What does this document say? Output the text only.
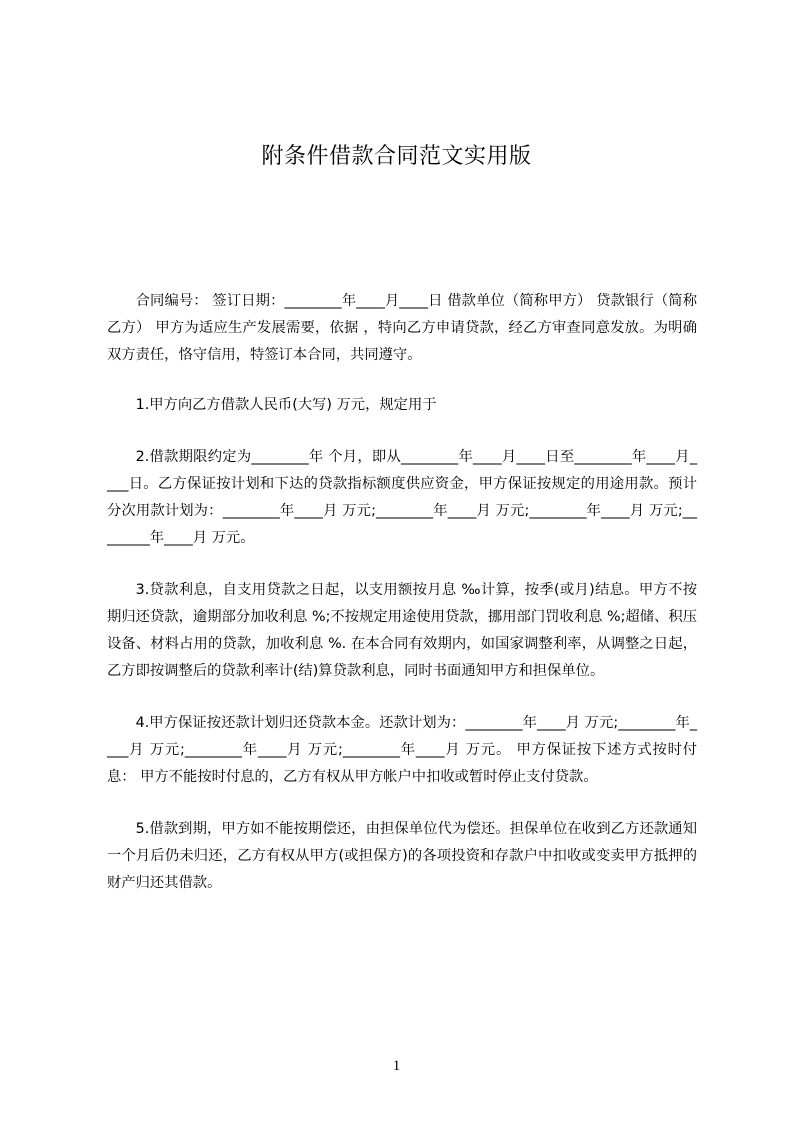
附条件借款合同范文实用版

合同编号： 签订日期：________年____月____日 借款单位（简称甲方） 贷款银行（简称乙方） 甲方为适应生产发展需要，依据 ，特向乙方申请贷款，经乙方审查同意发放。为明确双方责任，恪守信用，特签订本合同，共同遵守。

1.甲方向乙方借款人民币(大写) 万元，规定用于

2.借款期限约定为________年 个月，即从________年____月____日至________年____月____日。乙方保证按计划和下达的贷款指标额度供应资金，甲方保证按规定的用途用款。预计分次用款计划为：________年____月 万元;________年____月 万元;________年____月 万元;________年____月 万元。

3.贷款利息，自支用贷款之日起，以支用额按月息 ‰计算，按季(或月)结息。甲方不按期归还贷款，逾期部分加收利息 %;不按规定用途使用贷款，挪用部门罚收利息 %;超储、积压设备、材料占用的贷款，加收利息 %. 在本合同有效期内，如国家调整利率，从调整之日起，乙方即按调整后的贷款利率计(结)算贷款利息，同时书面通知甲方和担保单位。

4.甲方保证按还款计划归还贷款本金。还款计划为：________年____月 万元;________年____月 万元;________年____月 万元;________年____月 万元。 甲方保证按下述方式按时付息： 甲方不能按时付息的，乙方有权从甲方帐户中扣收或暂时停止支付贷款。

5.借款到期，甲方如不能按期偿还，由担保单位代为偿还。担保单位在收到乙方还款通知一个月后仍未归还，乙方有权从甲方(或担保方)的各项投资和存款户中扣收或变卖甲方抵押的财产归还其借款。

1
